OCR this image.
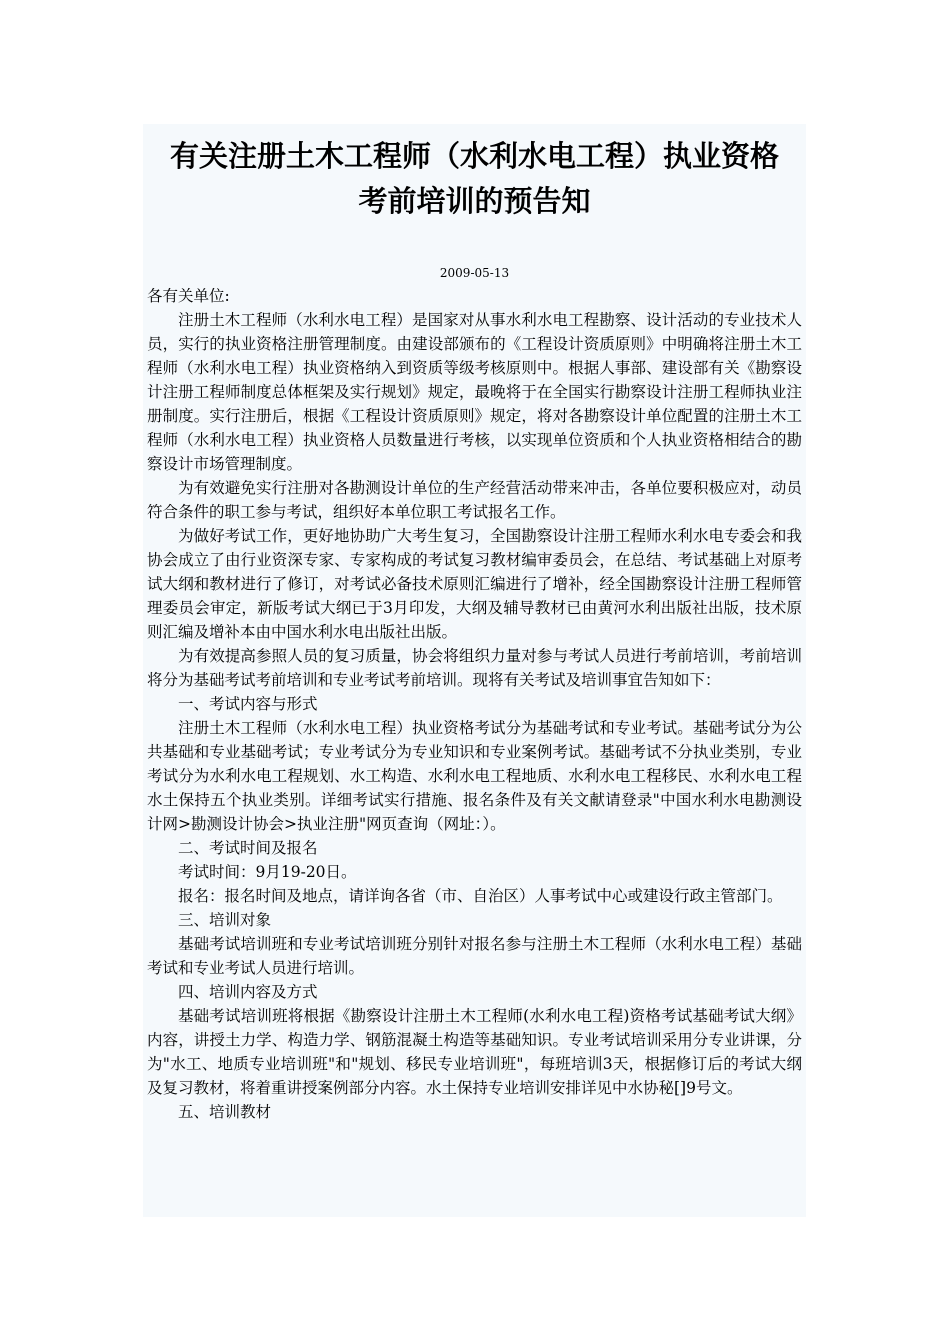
有关注册土木工程师（水利水电工程）执业资格
考前培训的预告知
2009-05-13

各有关单位:

注册土木工程师（水利水电工程）是国家对从事水利水电工程勘察、设计活动的专业技术人员，实行的执业资格注册管理制度。由建设部颁布的《工程设计资质原则》中明确将注册土木工程师（水利水电工程）执业资格纳入到资质等级考核原则中。根据人事部、建设部有关《勘察设计注册工程师制度总体框架及实行规划》规定，最晚将于在全国实行勘察设计注册工程师执业注册制度。实行注册后，根据《工程设计资质原则》规定，将对各勘察设计单位配置的注册土木工程师（水利水电工程）执业资格人员数量进行考核，以实现单位资质和个人执业资格相结合的勘察设计市场管理制度。

为有效避免实行注册对各勘测设计单位的生产经营活动带来冲击，各单位要积极应对，动员符合条件的职工参与考试，组织好本单位职工考试报名工作。

为做好考试工作，更好地协助广大考生复习，全国勘察设计注册工程师水利水电专委会和我协会成立了由行业资深专家、专家构成的考试复习教材编审委员会，在总结、考试基础上对原考试大纲和教材进行了修订，对考试必备技术原则汇编进行了增补，经全国勘察设计注册工程师管理委员会审定，新版考试大纲已于3月印发，大纲及辅导教材已由黄河水利出版社出版，技术原则汇编及增补本由中国水利水电出版社出版。

为有效提高参照人员的复习质量，协会将组织力量对参与考试人员进行考前培训，考前培训将分为基础考试考前培训和专业考试考前培训。现将有关考试及培训事宜告知如下：

一、考试内容与形式

注册土木工程师（水利水电工程）执业资格考试分为基础考试和专业考试。基础考试分为公共基础和专业基础考试；专业考试分为专业知识和专业案例考试。基础考试不分执业类别，专业考试分为水利水电工程规划、水工构造、水利水电工程地质、水利水电工程移民、水利水电工程水土保持五个执业类别。详细考试实行措施、报名条件及有关文献请登录"中国水利水电勘测设计网>勘测设计协会>执业注册"网页查询（网址：）。

二、考试时间及报名

考试时间：9月19-20日。

报名：报名时间及地点，请详询各省（市、自治区）人事考试中心或建设行政主管部门。

三、培训对象

基础考试培训班和专业考试培训班分别针对报名参与注册土木工程师（水利水电工程）基础考试和专业考试人员进行培训。

四、培训内容及方式

基础考试培训班将根据《勘察设计注册土木工程师(水利水电工程)资格考试基础考试大纲》内容，讲授土力学、构造力学、钢筋混凝土构造等基础知识。专业考试培训采用分专业讲课，分为"水工、地质专业培训班"和"规划、移民专业培训班"，每班培训3天，根据修订后的考试大纲及复习教材，将着重讲授案例部分内容。水土保持专业培训安排详见中水协秘[]9号文。

五、培训教材
